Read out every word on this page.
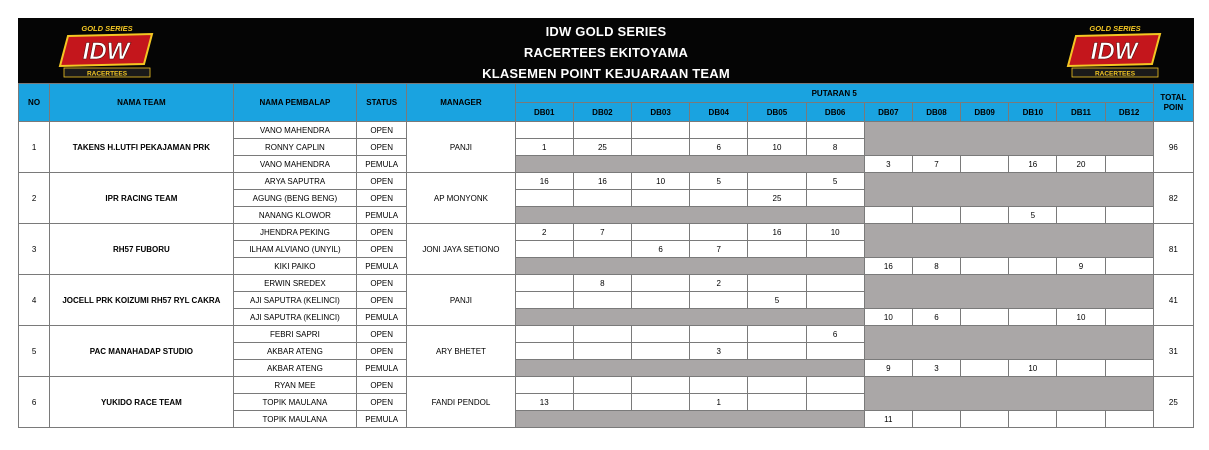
GOLD SERIES
IDW
RACERTEES
IDW GOLD SERIES
RACERTEES EKITOYAMA
KLASEMEN POINT KEJUARAAN TEAM
GOLD SERIES
IDW
RACERTEES
NO	NAMA TEAM	NAMA PEMBALAP	STATUS	MANAGER	PUTARAN 5												TOTAL POIN
					DB01	DB02	DB03	DB04	DB05	DB06	DB07	DB08	DB09	DB10	DB11	DB12	
1	TAKENS H.LUTFI PEKAJAMAN PRK	VANO MAHENDRA	OPEN	PANJI													96
		RONNY CAPLIN	OPEN		1	25		6	10	8							
		VANO MAHENDRA	PEMULA								3	7		16	20		
2	IPR RACING TEAM	ARYA SAPUTRA	OPEN	AP MONYONK	16	16	10	5		5							82
		AGUNG (BENG BENG)	OPEN						25								
		NANANG KLOWOR	PEMULA											5			
3	RH57 FUBORU	JHENDRA PEKING	OPEN	JONI JAYA SETIONO	2	7			16	10							81
		ILHAM ALVIANO (UNYIL)	OPEN				6	7									
		KIKI PAIKO	PEMULA								16	8			9		
4	JOCELL PRK KOIZUMI RH57 RYL CAKRA	ERWIN SREDEX	OPEN	PANJI		8		2									41
		AJI SAPUTRA (KELINCI)	OPEN						5								
		AJI SAPUTRA (KELINCI)	PEMULA								10	6			10		
5	PAC MANAHADAP STUDIO	FEBRI SAPRI	OPEN	ARY BHETET						6							31
		AKBAR ATENG	OPEN					3									
		AKBAR ATENG	PEMULA								9	3		10			
6	YUKIDO RACE TEAM	RYAN MEE	OPEN	FANDI PENDOL													25
		TOPIK MAULANA	OPEN		13			1									
		TOPIK MAULANA	PEMULA								11						
